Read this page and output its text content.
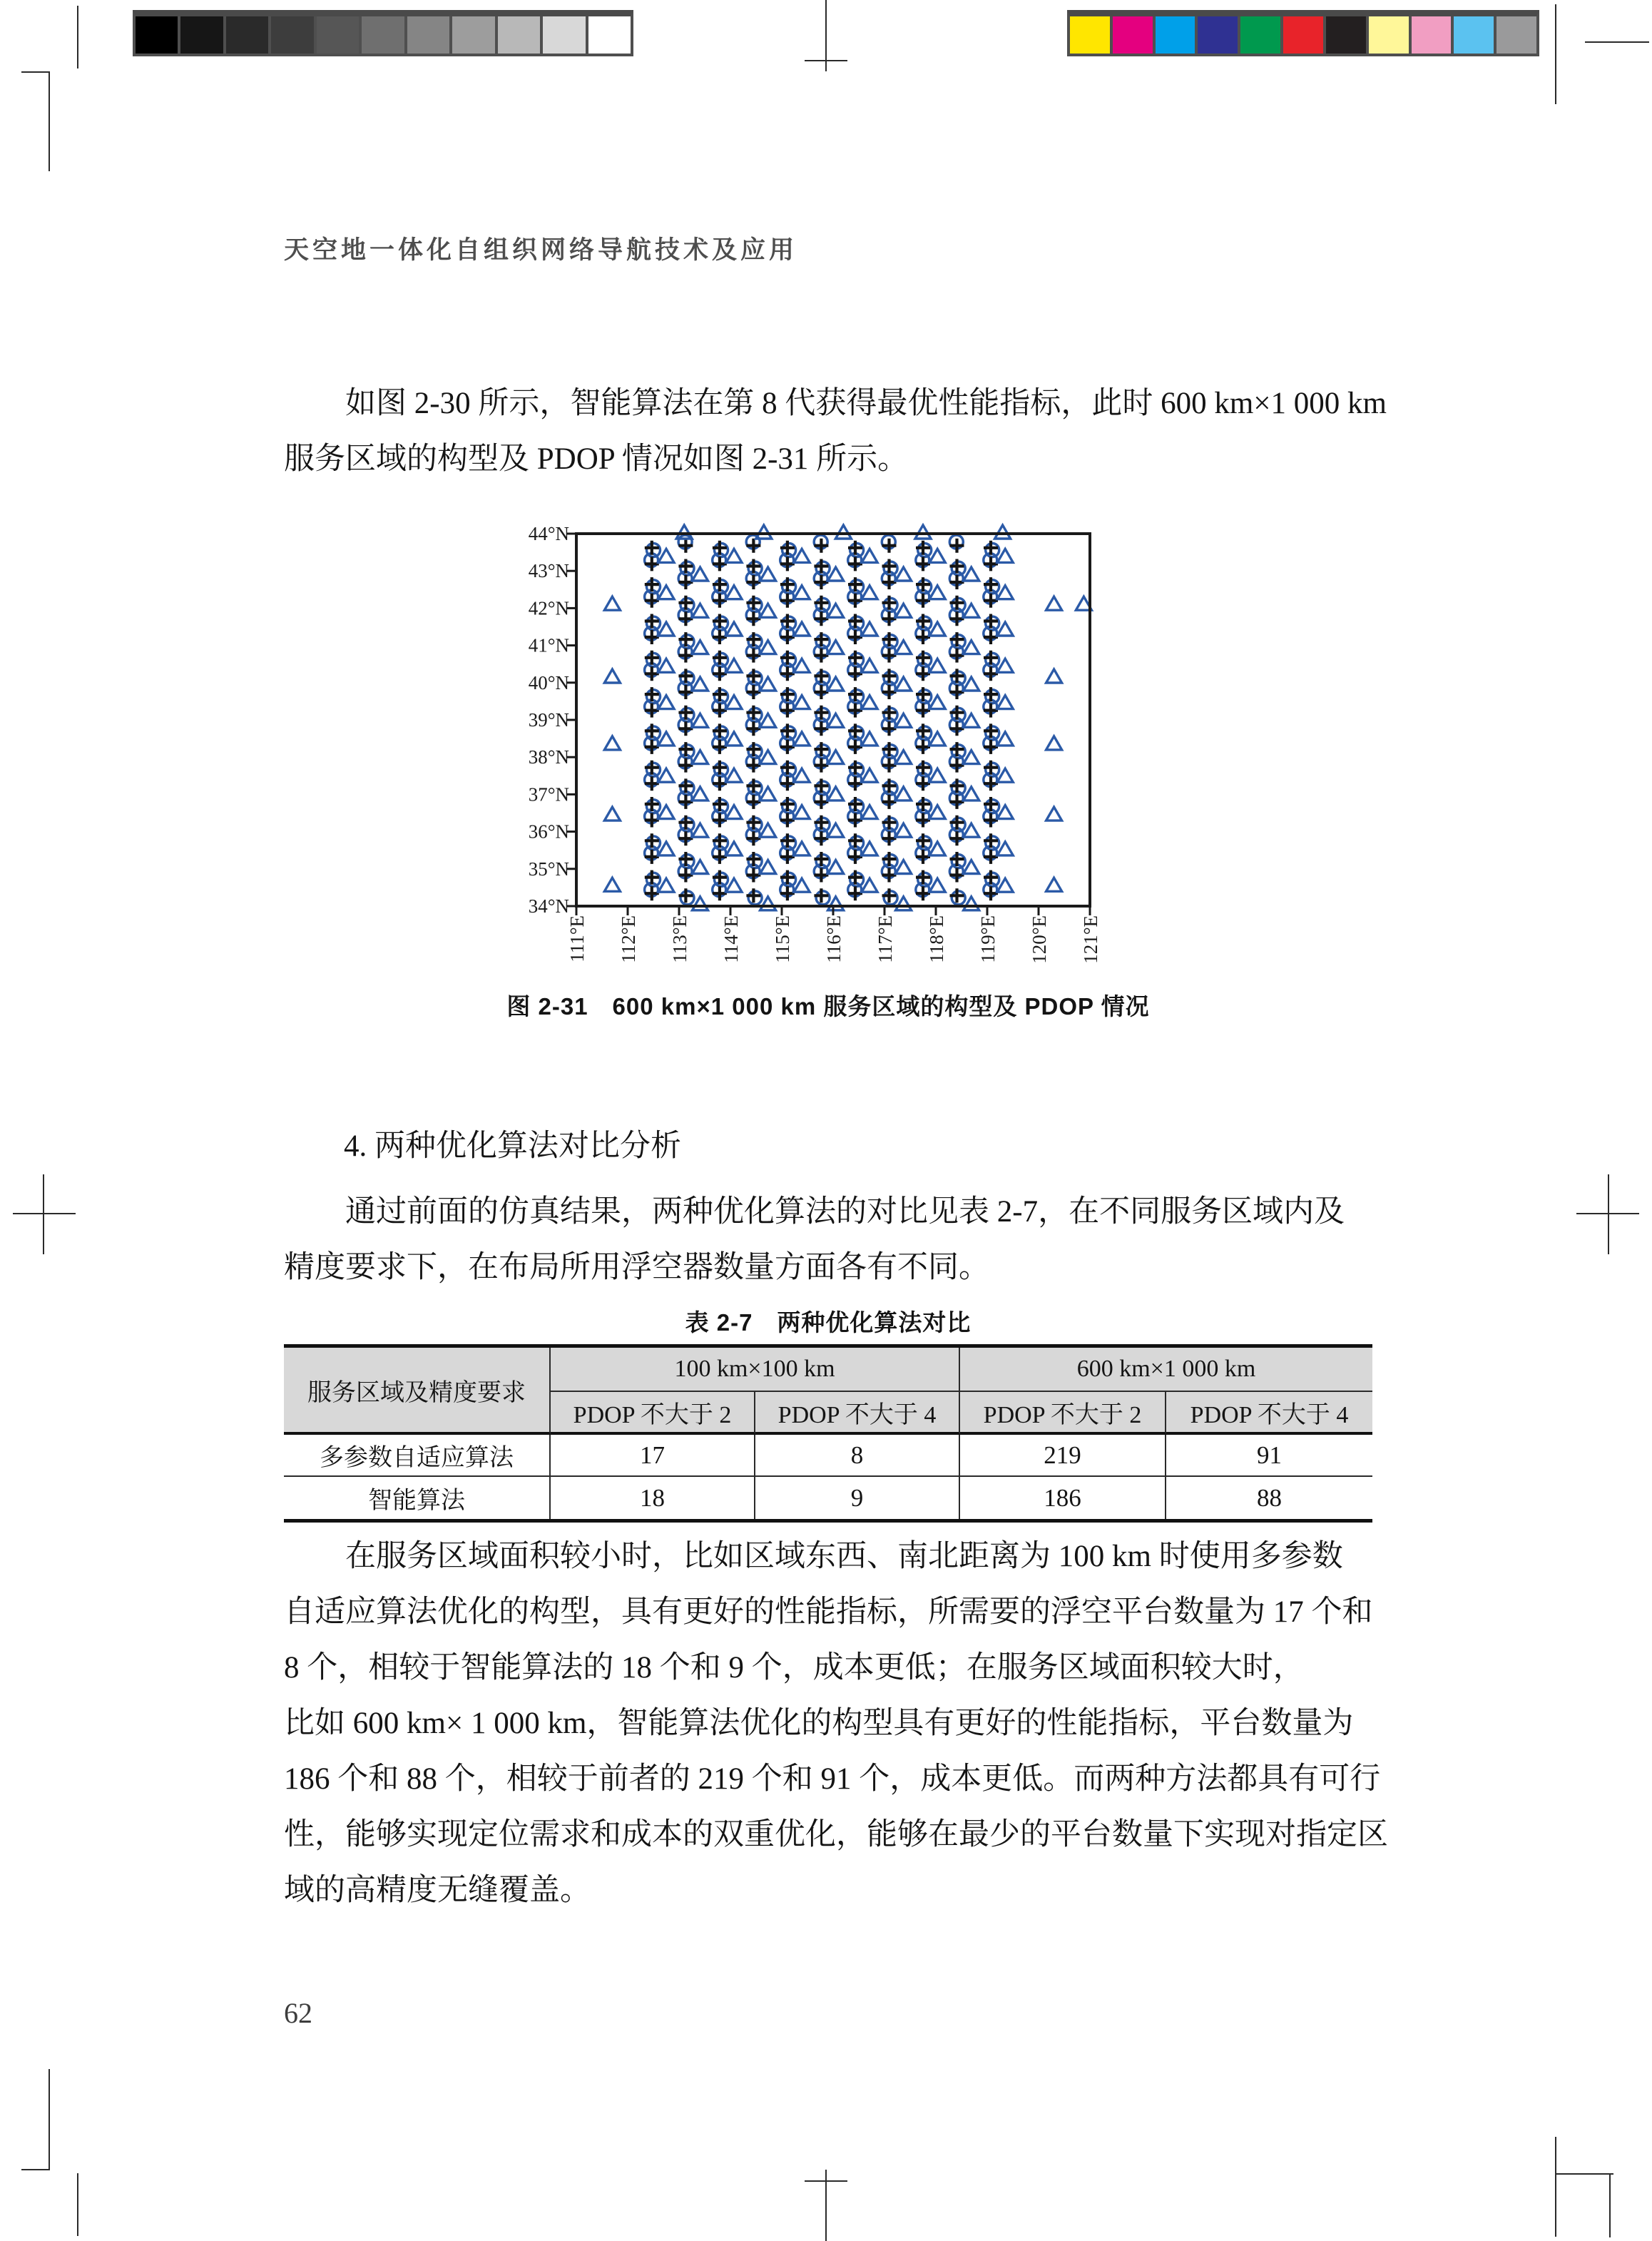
天空地一体化自组织网络导航技术及应用
如图 2-30 所示，智能算法在第 8 代获得最优性能指标，此时 600 km×1 000 km
服务区域的构型及 PDOP 情况如图 2-31 所示。
111°E 112°E 113°E 114°E 115°E 116°E 117°E 118°E 119°E 120°E 121°E
34°N
35°N
36°N
37°N
38°N
39°N
40°N
41°N
42°N
43°N
44°N
图 2-31　600 km×1 000 km 服务区域的构型及 PDOP 情况
4. 两种优化算法对比分析
通过前面的仿真结果，两种优化算法的对比见表 2-7，在不同服务区域内及
精度要求下，在布局所用浮空器数量方面各有不同。
表 2-7　两种优化算法对比
服务区域及精度要求
100 km×100 km	600 km×1 000 km
PDOP 不大于 2	PDOP 不大于 4	PDOP 不大于 2	PDOP 不大于 4
多参数自适应算法	17	8	219	91
智能算法	18	9	186	88
在服务区域面积较小时，比如区域东西、南北距离为 100 km 时使用多参数
自适应算法优化的构型，具有更好的性能指标，所需要的浮空平台数量为 17 个和
8 个，相较于智能算法的 18 个和 9 个，成本更低；在服务区域面积较大时，
比如 600 km× 1 000 km，智能算法优化的构型具有更好的性能指标，平台数量为
186 个和 88 个，相较于前者的 219 个和 91 个，成本更低。而两种方法都具有可行
性，能够实现定位需求和成本的双重优化，能够在最少的平台数量下实现对指定区
域的高精度无缝覆盖。
62
